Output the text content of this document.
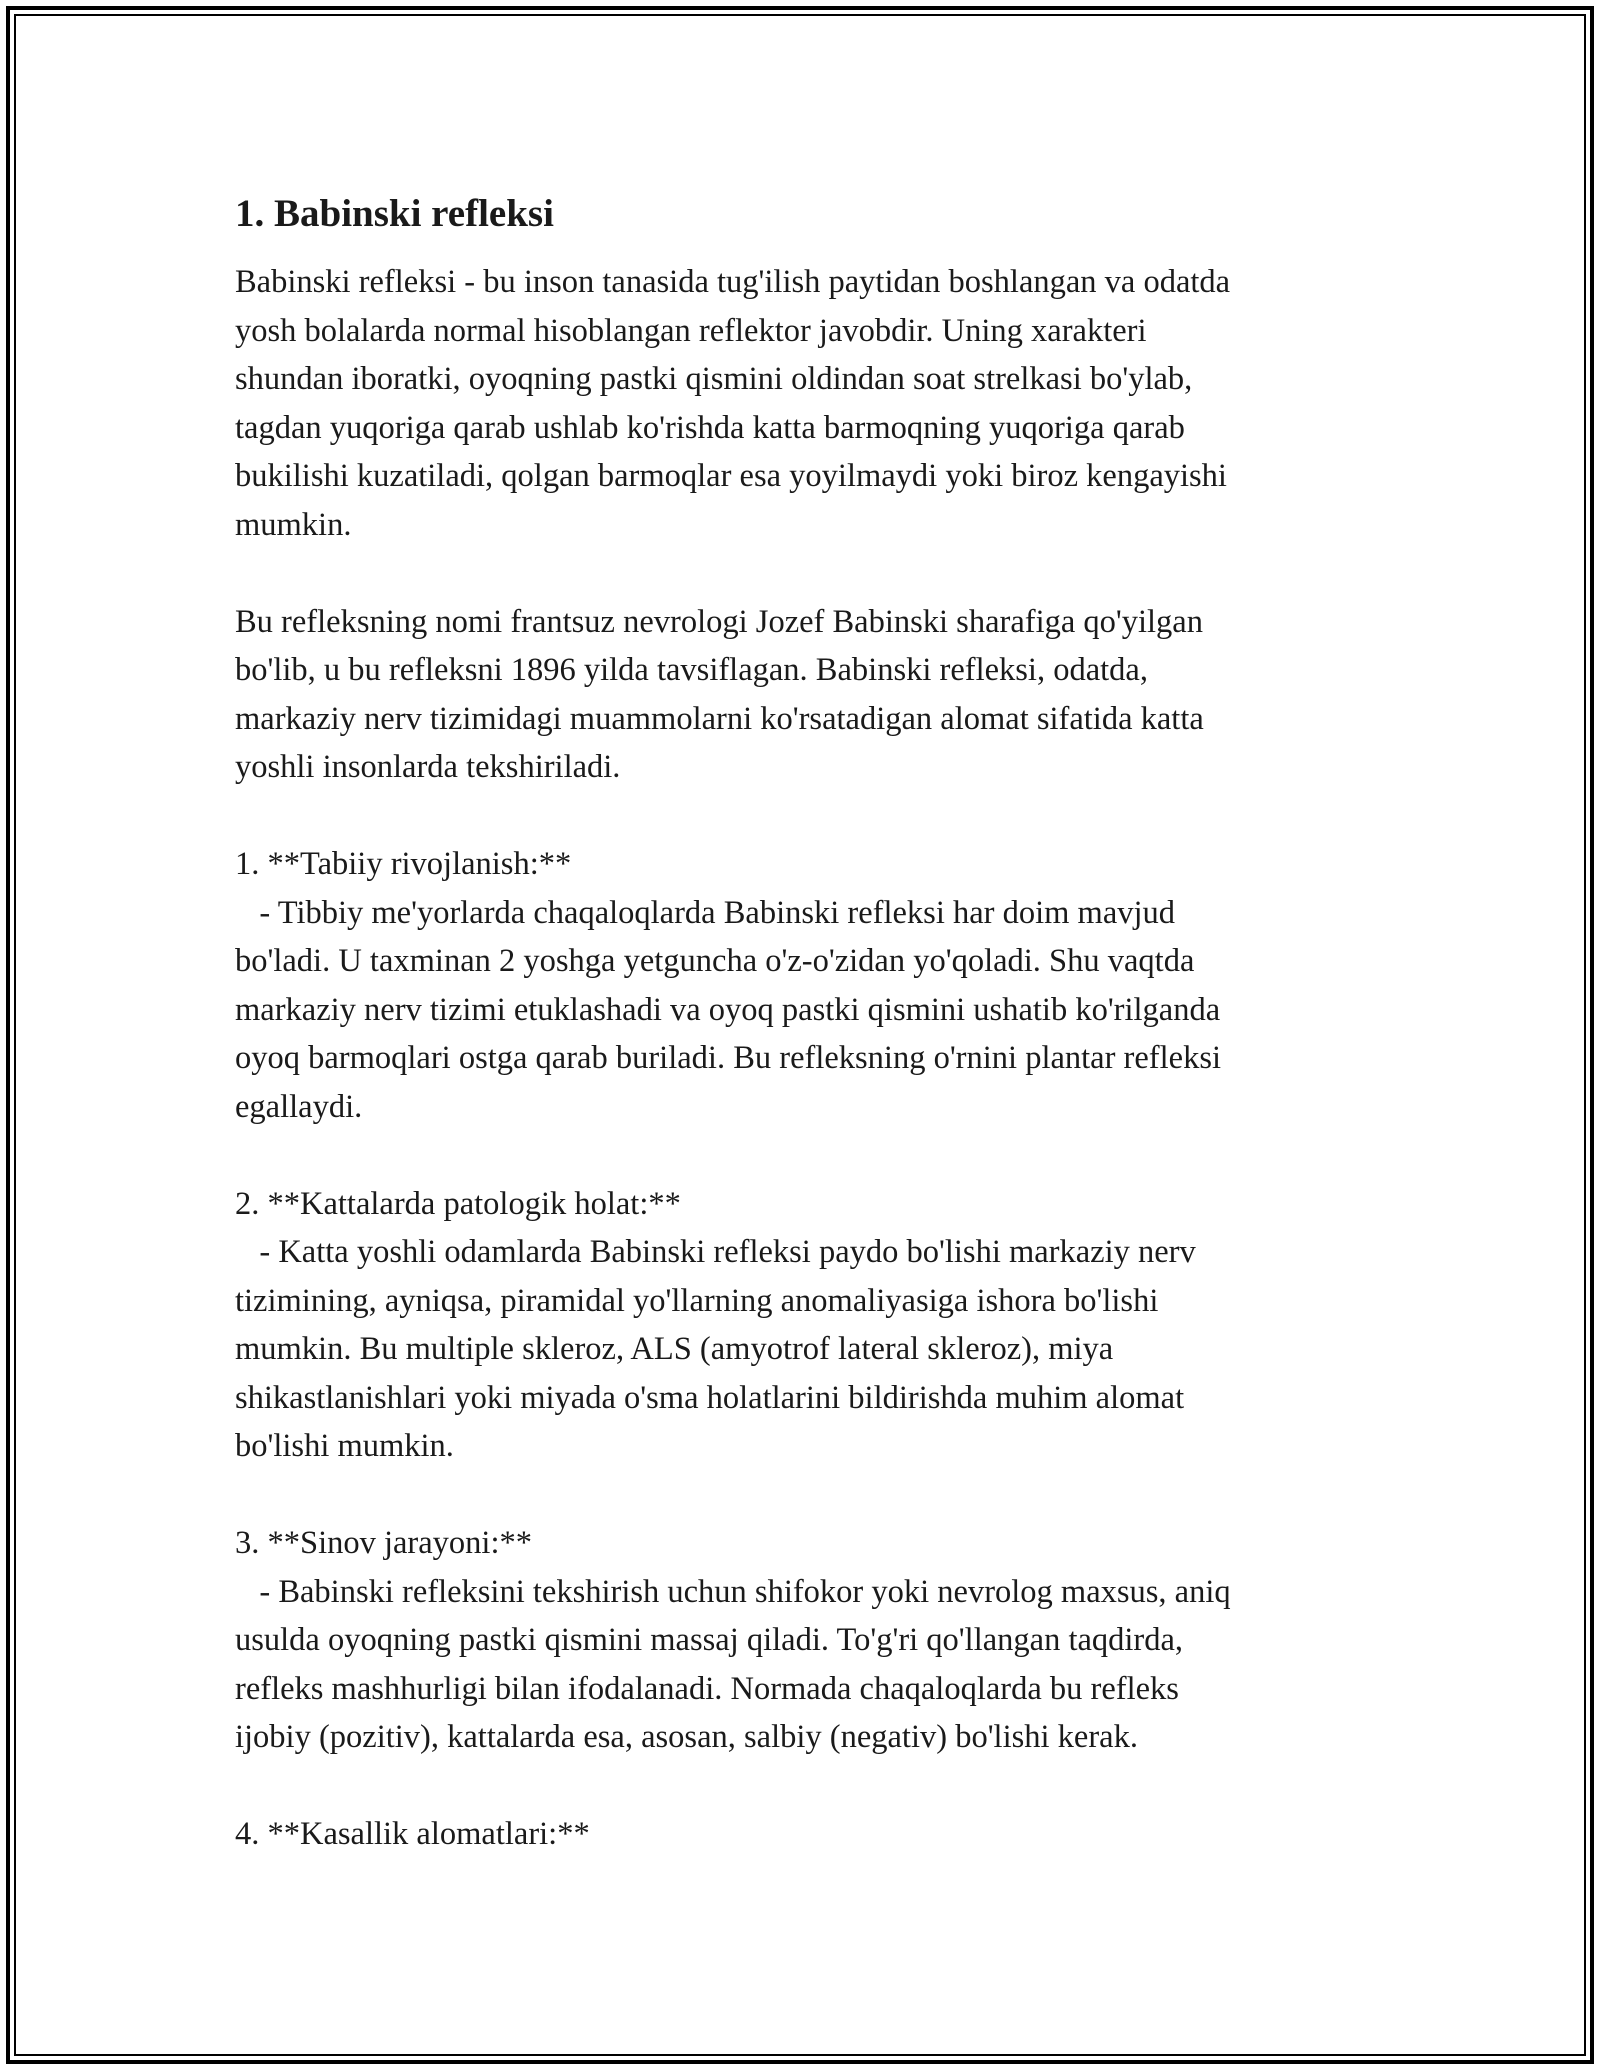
1. Babinski refleksi

Babinski refleksi - bu inson tanasida tug'ilish paytidan boshlangan va odatda
yosh bolalarda normal hisoblangan reflektor javobdir. Uning xarakteri
shundan iboratki, oyoqning pastki qismini oldindan soat strelkasi bo'ylab,
tagdan yuqoriga qarab ushlab ko'rishda katta barmoqning yuqoriga qarab
bukilishi kuzatiladi, qolgan barmoqlar esa yoyilmaydi yoki biroz kengayishi
mumkin.

Bu refleksning nomi frantsuz nevrologi Jozef Babinski sharafiga qo'yilgan
bo'lib, u bu refleksni 1896 yilda tavsiflagan. Babinski refleksi, odatda,
markaziy nerv tizimidagi muammolarni ko'rsatadigan alomat sifatida katta
yoshli insonlarda tekshiriladi.

1. **Tabiiy rivojlanish:**
- Tibbiy me'yorlarda chaqaloqlarda Babinski refleksi har doim mavjud
bo'ladi. U taxminan 2 yoshga yetguncha o'z-o'zidan yo'qoladi. Shu vaqtda
markaziy nerv tizimi etuklashadi va oyoq pastki qismini ushatib ko'rilganda
oyoq barmoqlari ostga qarab buriladi. Bu refleksning o'rnini plantar refleksi
egallaydi.

2. **Kattalarda patologik holat:**
- Katta yoshli odamlarda Babinski refleksi paydo bo'lishi markaziy nerv
tizimining, ayniqsa, piramidal yo'llarning anomaliyasiga ishora bo'lishi
mumkin. Bu multiple skleroz, ALS (amyotrof lateral skleroz), miya
shikastlanishlari yoki miyada o'sma holatlarini bildirishda muhim alomat
bo'lishi mumkin.

3. **Sinov jarayoni:**
- Babinski refleksini tekshirish uchun shifokor yoki nevrolog maxsus, aniq
usulda oyoqning pastki qismini massaj qiladi. To'g'ri qo'llangan taqdirda,
refleks mashhurligi bilan ifodalanadi. Normada chaqaloqlarda bu refleks
ijobiy (pozitiv), kattalarda esa, asosan, salbiy (negativ) bo'lishi kerak.

4. **Kasallik alomatlari:**
